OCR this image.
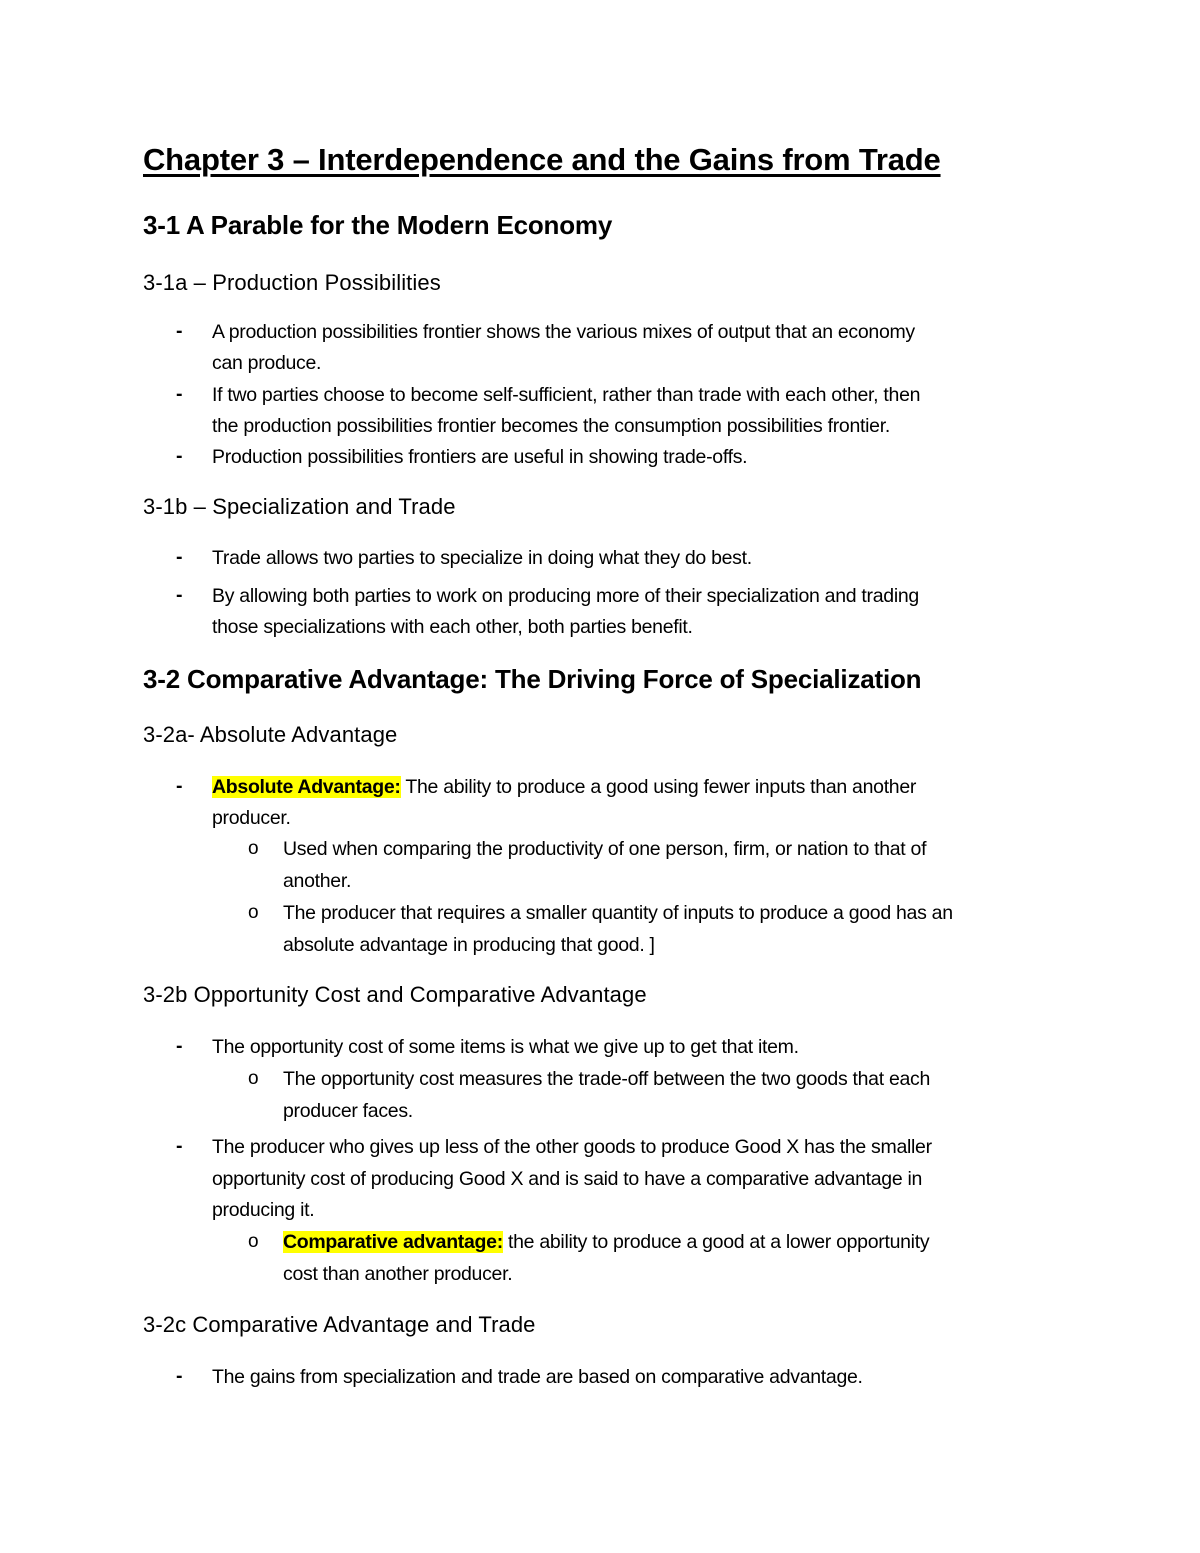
Chapter 3 – Interdependence and the Gains from Trade
3-1 A Parable for the Modern Economy
3-1a – Production Possibilities
- A production possibilities frontier shows the various mixes of output that an economy
can produce.
- If two parties choose to become self-sufficient, rather than trade with each other, then
the production possibilities frontier becomes the consumption possibilities frontier.
- Production possibilities frontiers are useful in showing trade-offs.
3-1b – Specialization and Trade
- Trade allows two parties to specialize in doing what they do best.
- By allowing both parties to work on producing more of their specialization and trading
those specializations with each other, both parties benefit.
3-2 Comparative Advantage: The Driving Force of Specialization
3-2a- Absolute Advantage
- Absolute Advantage: The ability to produce a good using fewer inputs than another
producer.
o Used when comparing the productivity of one person, firm, or nation to that of
another.
o The producer that requires a smaller quantity of inputs to produce a good has an
absolute advantage in producing that good. ]
3-2b Opportunity Cost and Comparative Advantage
- The opportunity cost of some items is what we give up to get that item.
o The opportunity cost measures the trade-off between the two goods that each
producer faces.
- The producer who gives up less of the other goods to produce Good X has the smaller
opportunity cost of producing Good X and is said to have a comparative advantage in
producing it.
o Comparative advantage: the ability to produce a good at a lower opportunity
cost than another producer.
3-2c Comparative Advantage and Trade
- The gains from specialization and trade are based on comparative advantage.
